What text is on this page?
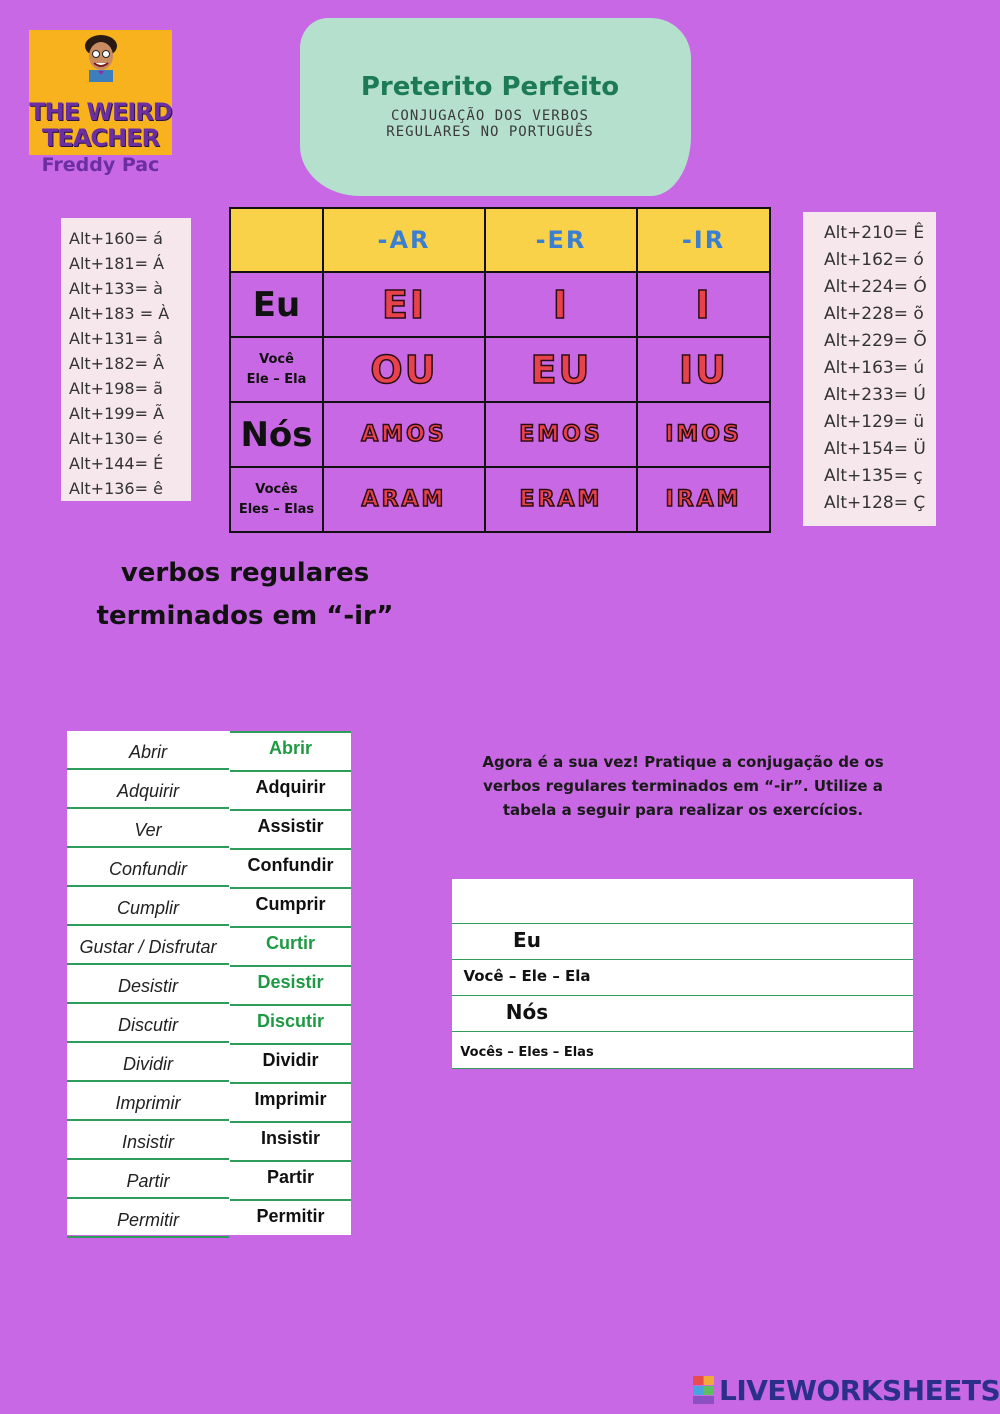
THE WEIRD
TEACHER
Freddy Pac
Preterito Perfeito
CONJUGAÇÃO DOS VERBOS
REGULARES NO PORTUGUÊS
Alt+160= á
Alt+181= Á
Alt+133= à
Alt+183 = À
Alt+131= â
Alt+182= Â
Alt+198= ã
Alt+199= Ã
Alt+130= é
Alt+144= É
Alt+136= ê
Alt+210= Ê
Alt+162= ó
Alt+224= Ó
Alt+228= õ
Alt+229= Õ
Alt+163= ú
Alt+233= Ú
Alt+129= ü
Alt+154= Ü
Alt+135= ç
Alt+128= Ç
	-AR	-ER	-IR
Eu	EI	I	I

Você
Ele – Ela	OU	EU	IU
Nós	AMOS	EMOS	IMOS

Vocês
Eles – Elas	ARAM	ERAM	IRAM
verbos regulares
terminados em “-ir”
Abrir	Abrir
Adquirir	Adquirir
Ver	Assistir
Confundir	Confundir
Cumplir	Cumprir
Gustar / Disfrutar	Curtir
Desistir	Desistir
Discutir	Discutir
Dividir	Dividir
Imprimir	Imprimir
Insistir	Insistir
Partir	Partir
Permitir	Permitir
Agora é a sua vez! Pratique a conjugação de os verbos regulares terminados em “-ir”. Utilize a tabela a seguir para realizar os exercícios.
Eu
Você – Ele – Ela
Nós
Vocês – Eles – Elas
LIVEWORKSHEETS
